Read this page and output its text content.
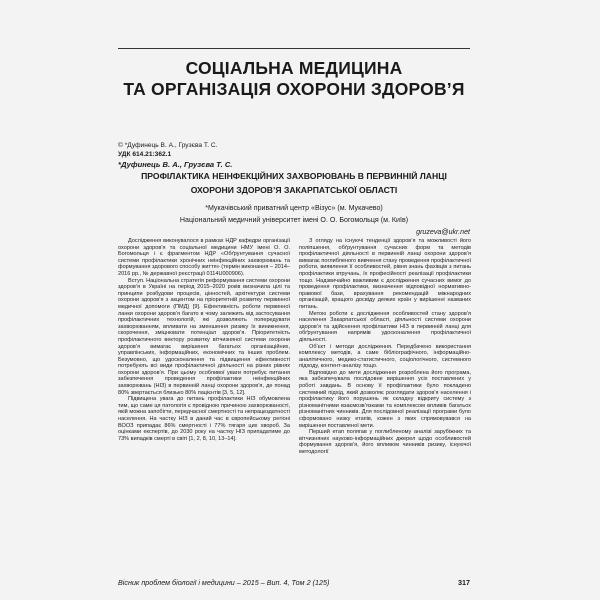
СОЦІАЛЬНА МЕДИЦИНА
ТА ОРГАНІЗАЦІЯ ОХОРОНИ ЗДОРОВ’Я
© *Дуфинець В. А., Грузєва Т. С.
УДК 614.21:362.1
*Дуфинець В. А., Грузєва Т. С.
ПРОФІЛАКТИКА НЕІНФЕКЦІЙНИХ ЗАХВОРЮВАНЬ В ПЕРВИННІЙ ЛАНЦІ
ОХОРОНИ ЗДОРОВ’Я ЗАКАРПАТСЬКОЇ ОБЛАСТІ
*Мукачівський приватний центр «Візус» (м. Мукачево)
Національний медичний університет імені О. О. Богомольця (м. Київ)
gruzeva@ukr.net

Дослідження виконувалося в рамках НДР кафедри організації охорони здоров’я та соціальної медицини НМУ імені О. О. Богомольця і є фрагментом НДР «Обґрунтування сучасної системи профілактики хронічних неінфекційних захворювань та формування здорового способу життя» (термін виконання – 2014–2016 рр., № державної реєстрації 0114U000906).

Вступ. Національна стратегія реформування системи охорони здоров’я в Україні на період 2015–2020 років визначила цілі та принципи розбудови процесів, цінностей, архітектури системи охорони здоров’я з акцентом на пріоритетній розвитку первинної медичної допомоги (ПМД) [9]. Ефективність роботи первинної ланки охорони здоров’я багато в чому залежить від застосування профілактичних технологій, які дозволяють попередувати захворюванням, впливати на зменшення ризику їх виникнення, скорочення, зміцнювати потенціал здоров’я. Пріоритетність профілактичного вектору розвитку вітчизняної системи охорони здоров’я вимагає вирішення багатьох організаційних, управлінських, інформаційних, економічних та інших проблем. Безумовно, що удосконалення та підвищення ефективності потребують всі види профілактичної діяльності на різних рівнях охорони здоров’я. При цьому особливої уваги потребує питання забезпечення проведення профілактики неінфекційних захворювань (НІЗ) в первинній ланці охорони здоров’я, де понад 80% звертається близько 80% пацієнтів [3, 5, 12].

Підвищена увага до питань профілактики НІЗ обумовлена тим, що саме ця патологія є провідною причиною захворюваності, якій можна запобігти, передчасної смертності та непрацездатності населення. На частку НІЗ в даний час в європейському регіоні ВООЗ припадає 86% смертності і 77% тягаря цих хвороб. За оцінками експертів, до 2030 року на частку НІЗ припадатиме до 73% випадків смерті в світі [1, 2, 8, 10, 13–14].

З огляду на існуючі тенденції здоров’я та можливості його поліпшення, обґрунтування сучасних форм та методів профілактичної діяльності в первинній ланці охорони здоров’я вимагає поглибленого вивчення стану проведення профілактичної роботи, виявлення її особливостей, рівня знань фахівців з питань профілактики втручань, їх професійності реалізації профілактики тощо. Надзвичайно важливим є дослідження сучасних вимог до проведення профілактики, визначення відповідної нормативно-правової бази, врахування рекомендацій міжнародних організацій, кращого досвіду деяких країн у вирішенні названих питань.

Метою роботи є дослідження особливостей стану здоров’я населення Закарпатської області, діяльності системи охорони здоров’я та здійснення профілактики НІЗ в первинній ланці для обґрунтування напрямів удосконалення профілактичної діяльності.

Об’єкт і методи дослідження. Передбачено використання комплексу методів, а саме бібліографічного, інформаційно-аналітичного, медико-статистичного, соціологічного, системного підходу, контент-аналізу тощо.

Відповідно до мети дослідження розроблена його програма, яка забезпечувала послідовне вирішення усіх поставлених у роботі завдань. В основу її профілактики було покладено системний підхід, який дозволяє розглядати здоров’я населення і профілактику його порушень як складну відкриту систему з різноманітними взаємозв’язками та комплексом впливів багатьох різноманітних чинників. Для послідовної реалізації програми було сформовано низку етапів, кожен з яких спрямовувався на вирішення поставленої мети.

Перший етап полягав у поглибленому аналізі зарубіжних та вітчизняних науково-інформаційних джерел щодо особливостей формування здоров’я, його впливом чинників ризику, існуючої методології

Вісник проблем біології і медицини – 2015 – Вип. 4, Том 2 (125)	317
